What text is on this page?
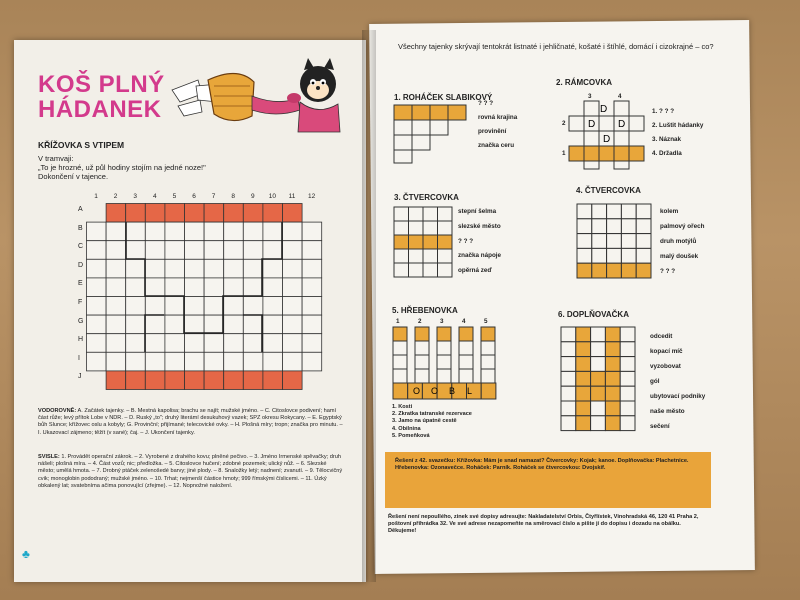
KOŠ PLNÝ
HÁDANEK
KŘÍŽOVKA S VTIPEM
V tramvaji:
„To je hrozné, už půl hodiny stojím na jedné noze!"
Dokončení v tajence.
1	2	3	4	5	6	7	8	9	10	11	12
A
B
C
D
E
F
G
H
I
J
VODOROVNĚ: A. Začátek tajenky. – B. Mestná kapolisa; brachu se najít; mužské jméno. – C. Citoslovce podivení; hamí část růže; levý přítok Lobe v NDR. – D. Ruský „to"; druhý literámí desukuhový vazek; SPZ okresu Rokycany. – E. Egyptský bůh Slunce; křížovec oslu a kobyly; G. Provinční; přijímané; telecovické ovky. – H. Plošná míry; tropn; značka pro minutu. – I. Ukazovací zájmeno; těžít (v sané); čaj. – J. Ukončení tajenky.
SVISLE: 1. Provádět operační zákrok. – 2. Vyrobené z drahého kovu; plněné pečivo. – 3. Jméno Irmenské spěvačky; druh nášeli; plošná míra. – 4. Část vozů; nic; předložka. – 5. Citoslovce hučení; zdobné pozemek; ulický nůž. – 6. Slezské město; umělá hmota. – 7. Drobný ptáček zelenošedé barvy; jiné plody. – 8. Snaložky letý; nadnení; zvanutí. – 9. Tělocvičný cvik; monoglobin pododraný; mužské jméno. – 10. Trhat; nejmenší částice hmoty; 999 římskými číslicemi. – 11. Úzký obkalený lat; svatebníma ačima ponovující (zřejme). – 12. Nopnožné naložení.
♣
Všechny tajenky skrývají tentokrát listnaté i jehličnaté, košaté i štíhlé, domácí i cizokrajné – co?
1. ROHÁČEK SLABIKOVÝ
? ? ?
rovná krajina
provinění
značka ceru
2. RÁMCOVKA
3	4
2
1
D
D D
D
1. ? ? ?
2. Luštit hádanky
3. Náznak
4. Držadla
3. ČTVERCOVKA
stepní šelma
slezské město
? ? ?
značka nápoje
opěrná zeď
4. ČTVERCOVKA
kolem
palmový ořech
druh motýlů
malý doušek
? ? ?
5. HŘEBENOVKA
1	2	3	4	5
O O B L
1. Kosti
2. Zkratka tatranské rezervace
3. Jamo na úpatně cestě
4. Obilnina
5. Pomeňková
6. DOPLŇOVAČKA
odcedit
kopací míč
vyzobovat
gól
ubytovací podniky
naše město
sečení
Řešení z 42. svazečku: Křížovka: Mám je snad namazat? Čtvercovky: Kojak; kanoe. Doplňovačka: Plachetnice. Hřebenovka: Ozonavečce. Roháček: Parník. Roháček se čtvercovkou: Dvojskif.
Řešení není nepoullého, zinek své dopisy adresujte: Nakladatelství Orbis, Čtyřlístek, Vinohradská 46, 120 41 Praha 2, poštovní přihrádka 32. Ve své adrese nezapomeňte na směrovací číslo a pište jí do dopisu i dozadu na obálku. Děkujeme!
